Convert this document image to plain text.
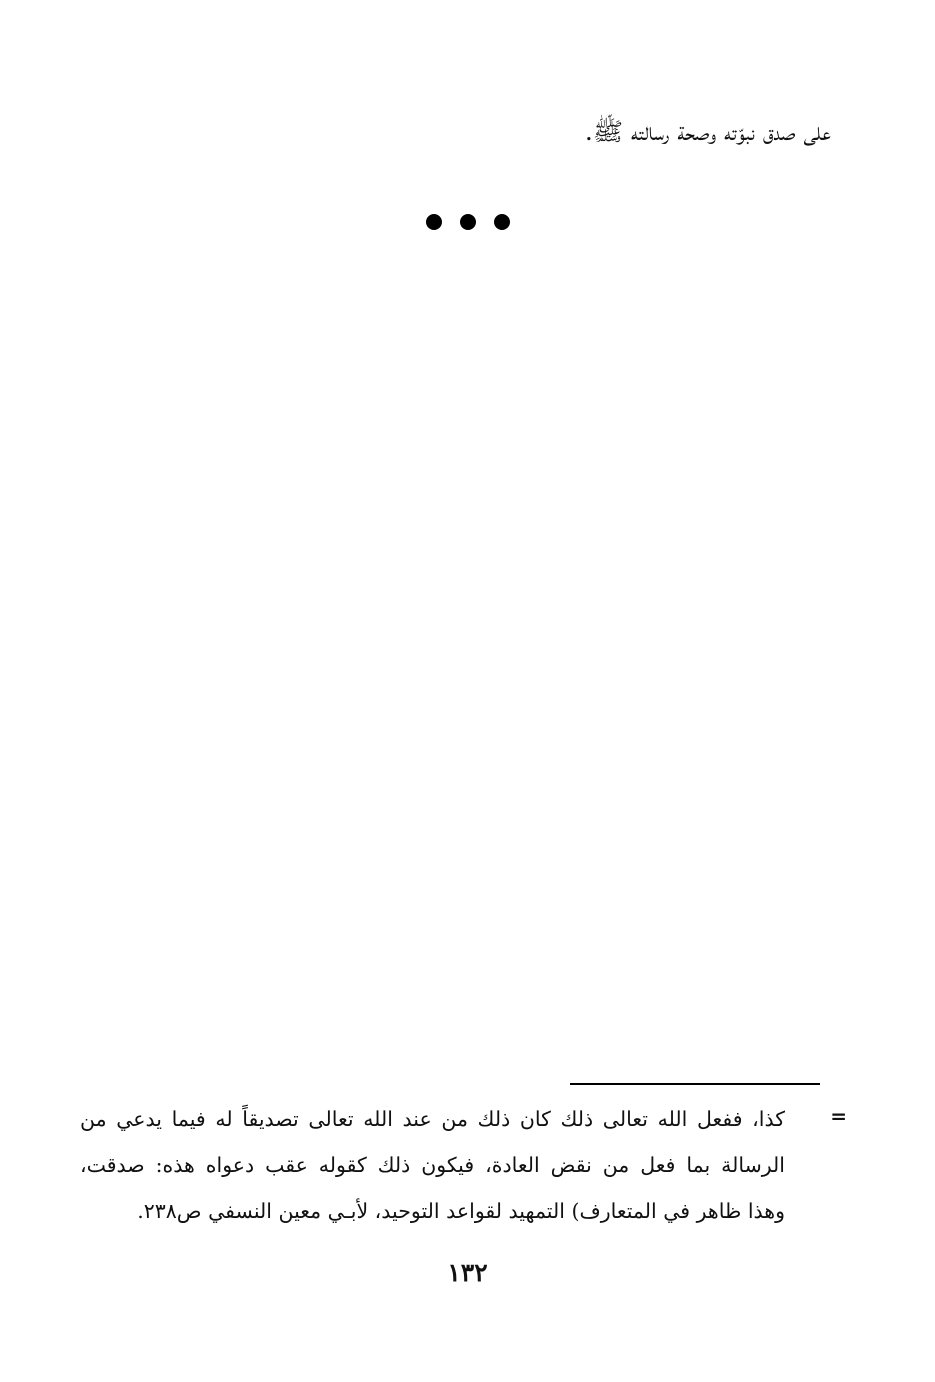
على صدق نبوّته وصحة رسالته ﷺ.
=
كذا، ففعل الله تعالى ذلك كان ذلك من عند الله تعالى تصديقاً له فيما يدعي من
الرسالة بما فعل من نقض العادة، فيكون ذلك كقوله عقب دعواه هذه: صدقت،
وهذا ظاهر في المتعارف) التمهيد لقواعد التوحيد، لأبـي معين النسفي ص٢٣٨.
١٣٢
